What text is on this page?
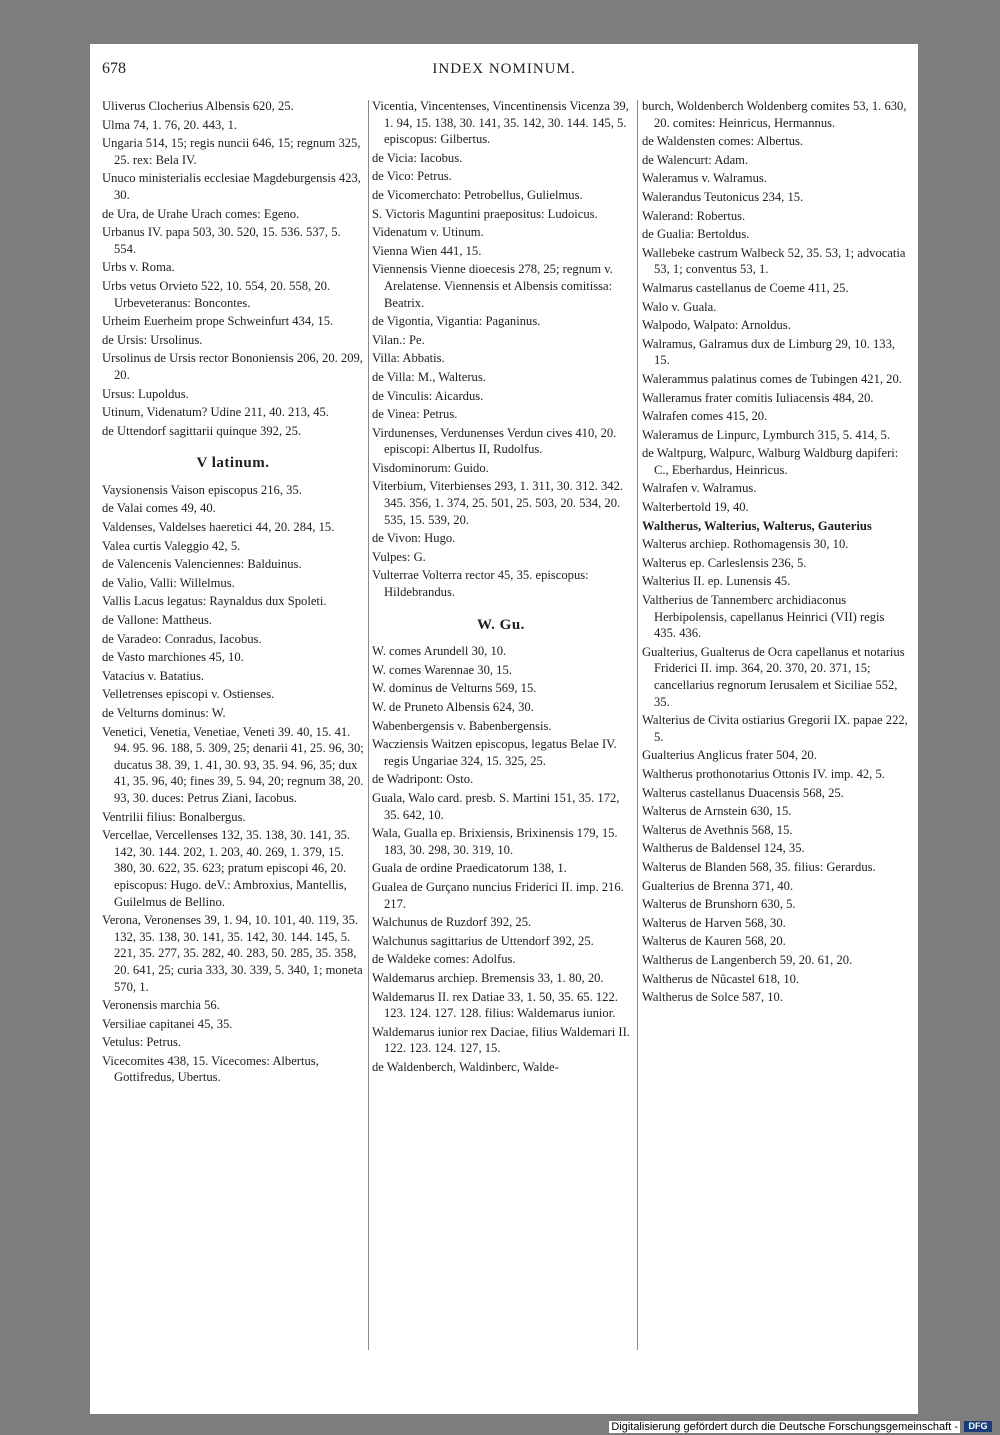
678	INDEX NOMINUM.
Uliverus Clocherius Albensis 620, 25.
Ulma 74, 1. 76, 20. 443, 1.
Ungaria 514, 15; regis nuncii 646, 15; regnum 325, 25. rex: Bela IV.
Unuco ministerialis ecclesiae Magdeburgensis 423, 30.
de Ura, de Urahe Urach comes: Egeno.
Urbanus IV. papa 503, 30. 520, 15. 536. 537, 5. 554.
Urbs v. Roma.
Urbs vetus Orvieto 522, 10. 554, 20. 558, 20. Urbeveteranus: Boncontes.
Urheim Euerheim prope Schweinfurt 434, 15.
de Ursis: Ursolinus.
Ursolinus de Ursis rector Bononiensis 206, 20. 209, 20.
Ursus: Lupoldus.
Utinum, Videnatum? Udine 211, 40. 213, 45.
de Uttendorf sagittarii quinque 392, 25.
V latinum.
Vaysionensis Vaison episcopus 216, 35.
de Valai comes 49, 40.
Valdenses, Valdelses haeretici 44, 20. 284, 15.
Valea curtis Valeggio 42, 5.
de Valencenis Valenciennes: Balduinus.
de Valio, Valli: Willelmus.
Vallis Lacus legatus: Raynaldus dux Spoleti.
de Vallone: Mattheus.
de Varadeo: Conradus, Iacobus.
de Vasto marchiones 45, 10.
Vatacius v. Batatius.
Velletrenses episcopi v. Ostienses.
de Velturns dominus: W.
Venetici, Venetia, Venetiae, Veneti 39. 40, 15. 41. 94. 95. 96. 188, 5. 309, 25; denarii 41, 25. 96, 30; ducatus 38. 39, 1. 41, 30. 93, 35. 94. 96, 35; dux 41, 35. 96, 40; fines 39, 5. 94, 20; regnum 38, 20. 93, 30. duces: Petrus Ziani, Iacobus.
Ventrilii filius: Bonalbergus.
Vercellae, Vercellenses 132, 35. 138, 30. 141, 35. 142, 30. 144. 202, 1. 203, 40. 269, 1. 379, 15. 380, 30. 622, 35. 623; pratum episcopi 46, 20. episcopus: Hugo. deV.: Ambroxius, Mantellis, Guilelmus de Bellino.
Verona, Veronenses 39, 1. 94, 10. 101, 40. 119, 35. 132, 35. 138, 30. 141, 35. 142, 30. 144. 145, 5. 221, 35. 277, 35. 282, 40. 283, 50. 285, 35. 358, 20. 641, 25; curia 333, 30. 339, 5. 340, 1; moneta 570, 1.
Veronensis marchia 56.
Versiliae capitanei 45, 35.
Vetulus: Petrus.
Vicecomites 438, 15. Vicecomes: Albertus, Gottifredus, Ubertus.
Vicentia, Vincentenses, Vincentinensis Vicenza 39, 1. 94, 15. 138, 30. 141, 35. 142, 30. 144. 145, 5. episcopus: Gilbertus.
de Vicia: Iacobus.
de Vico: Petrus.
de Vicomerchato: Petrobellus, Gulielmus.
S. Victoris Maguntini praepositus: Ludoicus.
Videnatum v. Utinum.
Vienna Wien 441, 15.
Viennensis Vienne dioecesis 278, 25; regnum v. Arelatense. Viennensis et Albensis comitissa: Beatrix.
de Vigontia, Vigantia: Paganinus.
Vilan.: Pe.
Villa: Abbatis.
de Villa: M., Walterus.
de Vinculis: Aicardus.
de Vinea: Petrus.
Virdunenses, Verdunenses Verdun cives 410, 20. episcopi: Albertus II, Rudolfus.
Visdominorum: Guido.
Viterbium, Viterbienses 293, 1. 311, 30. 312. 342. 345. 356, 1. 374, 25. 501, 25. 503, 20. 534, 20. 535, 15. 539, 20.
de Vivon: Hugo.
Vulpes: G.
Vulterrae Volterra rector 45, 35. episcopus: Hildebrandus.
W. Gu.
W. comes Arundell 30, 10.
W. comes Warennae 30, 15.
W. dominus de Velturns 569, 15.
W. de Pruneto Albensis 624, 30.
Wabenbergensis v. Babenbergensis.
Wacziensis Waitzen episcopus, legatus Belae IV. regis Ungariae 324, 15. 325, 25.
de Wadripont: Osto.
Guala, Walo card. presb. S. Martini 151, 35. 172, 35. 642, 10.
Wala, Gualla ep. Brixiensis, Brixinensis 179, 15. 183, 30. 298, 30. 319, 10.
Guala de ordine Praedicatorum 138, 1.
Gualea de Gurçano nuncius Friderici II. imp. 216. 217.
Walchunus de Ruzdorf 392, 25.
Walchunus sagittarius de Uttendorf 392, 25.
de Waldeke comes: Adolfus.
Waldemarus archiep. Bremensis 33, 1. 80, 20.
Waldemarus II. rex Datiae 33, 1. 50, 35. 65. 122. 123. 124. 127. 128. filius: Waldemarus iunior.
Waldemarus iunior rex Daciae, filius Waldemari II. 122. 123. 124. 127, 15.
de Waldenberch, Waldinberc, Walde-
burch, Woldenberch Woldenberg comites 53, 1. 630, 20. comites: Heinricus, Hermannus.
de Waldensten comes: Albertus.
de Walencurt: Adam.
Waleramus v. Walramus.
Walerandus Teutonicus 234, 15.
Walerand: Robertus.
de Gualia: Bertoldus.
Wallebeke castrum Walbeck 52, 35. 53, 1; advocatia 53, 1; conventus 53, 1.
Walmarus castellanus de Coeme 411, 25.
Walo v. Guala.
Walpodo, Walpato: Arnoldus.
Walramus, Galramus dux de Limburg 29, 10. 133, 15.
Walerammus palatinus comes de Tubingen 421, 20.
Walleramus frater comitis Iuliacensis 484, 20.
Walrafen comes 415, 20.
Waleramus de Linpurc, Lymburch 315, 5. 414, 5.
de Waltpurg, Walpurc, Walburg Waldburg dapiferi: C., Eberhardus, Heinricus.
Walrafen v. Walramus.
Walterbertold 19, 40.
Waltherus, Walterius, Walterus, Gauterius
Walterus archiep. Rothomagensis 30, 10.
Walterus ep. Carleslensis 236, 5.
Walterius II. ep. Lunensis 45.
Valtherius de Tannemberc archidiaconus Herbipolensis, capellanus Heinrici (VII) regis 435. 436.
Gualterius, Gualterus de Ocra capellanus et notarius Friderici II. imp. 364, 20. 370, 20. 371, 15; cancellarius regnorum Ierusalem et Siciliae 552, 35.
Walterius de Civita ostiarius Gregorii IX. papae 222, 5.
Gualterius Anglicus frater 504, 20.
Waltherus prothonotarius Ottonis IV. imp. 42, 5.
Walterus castellanus Duacensis 568, 25.
Walterus de Arnstein 630, 15.
Walterus de Avethnis 568, 15.
Waltherus de Baldensel 124, 35.
Walterus de Blanden 568, 35. filius: Gerardus.
Gualterius de Brenna 371, 40.
Walterus de Brunshorn 630, 5.
Walterus de Harven 568, 30.
Walterus de Kauren 568, 20.
Waltherus de Langenberch 59, 20. 61, 20.
Waltherus de Nûcastel 618, 10.
Waltherus de Solce 587, 10.
Digitalisierung gefördert durch die Deutsche Forschungsgemeinschaft -	DFG
